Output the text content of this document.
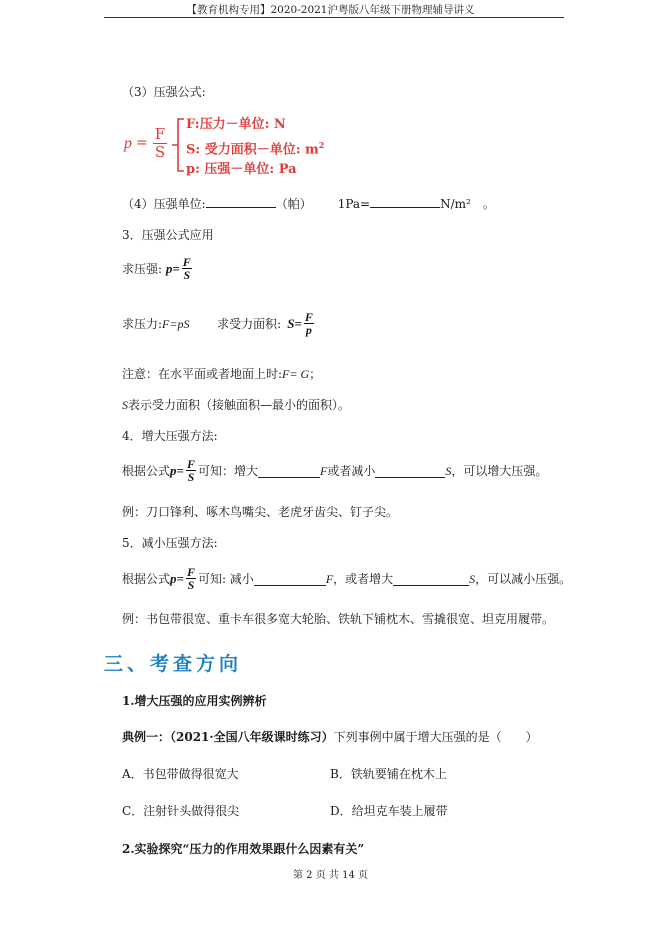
【教育机构专用】2020-2021沪粤版八年级下册物理辅导讲义
（3）压强公式:
$p = \frac{F}{S}$
F:压力－单位: N
S: 受力面积－单位: $m^2$
p: 压强－单位: Pa
（4）压强单位:	（帕） 1Pa=	N/m²　。
3．压强公式应用
求压强: $p= \frac{F}{S}$
求压力:F=pS 求受力面积: $S= \frac{F}{p}$
注意：在水平面或者地面上时:F= G；
S表示受力面积（接触面积—最小的面积）。
4．增大压强方法:
根据公式$p= \frac{F}{S}$ 可知：增大	F或者减小	S，可以增大压强。
例：刀口锋利、啄木鸟嘴尖、老虎牙齿尖、钉子尖。
5．减小压强方法:
根据公式$p= \frac{F}{S}$ 可知: 减小	F，或者增大	S，可以减小压强。
例：书包带很宽、重卡车很多宽大轮胎、铁轨下铺枕木、雪撬很宽、坦克用履带。
三、考查方向
1.增大压强的应用实例辨析
典例一：（2021·全国八年级课时练习）下列事例中属于增大压强的是（　　）
A．书包带做得很宽大	B．铁轨要铺在枕木上
C．注射针头做得很尖	D．给坦克车装上履带
2.实验探究“压力的作用效果跟什么因素有关”
第 2 页 共 14 页
